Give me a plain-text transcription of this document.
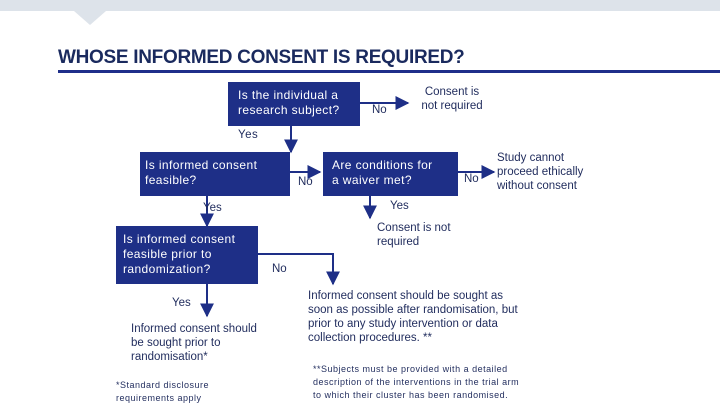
WHOSE INFORMED CONSENT IS REQUIRED?
Is the individual a
research subject?
Is informed consent
feasible?
Are conditions for
a waiver met?
Is informed consent
feasible prior to
randomization?
No
Yes
No	No
Yes	Yes
No
Yes
Consent is
not required
Study cannot
proceed ethically
without consent
Consent is not
required
Informed consent should be sought as
soon as possible after randomisation, but
prior to any study intervention or data
collection procedures. **
Informed consent should
be sought prior to
randomisation*
*Standard disclosure
requirements apply
**Subjects must be provided with a detailed
description of the interventions in the trial arm
to which their cluster has been randomised.
